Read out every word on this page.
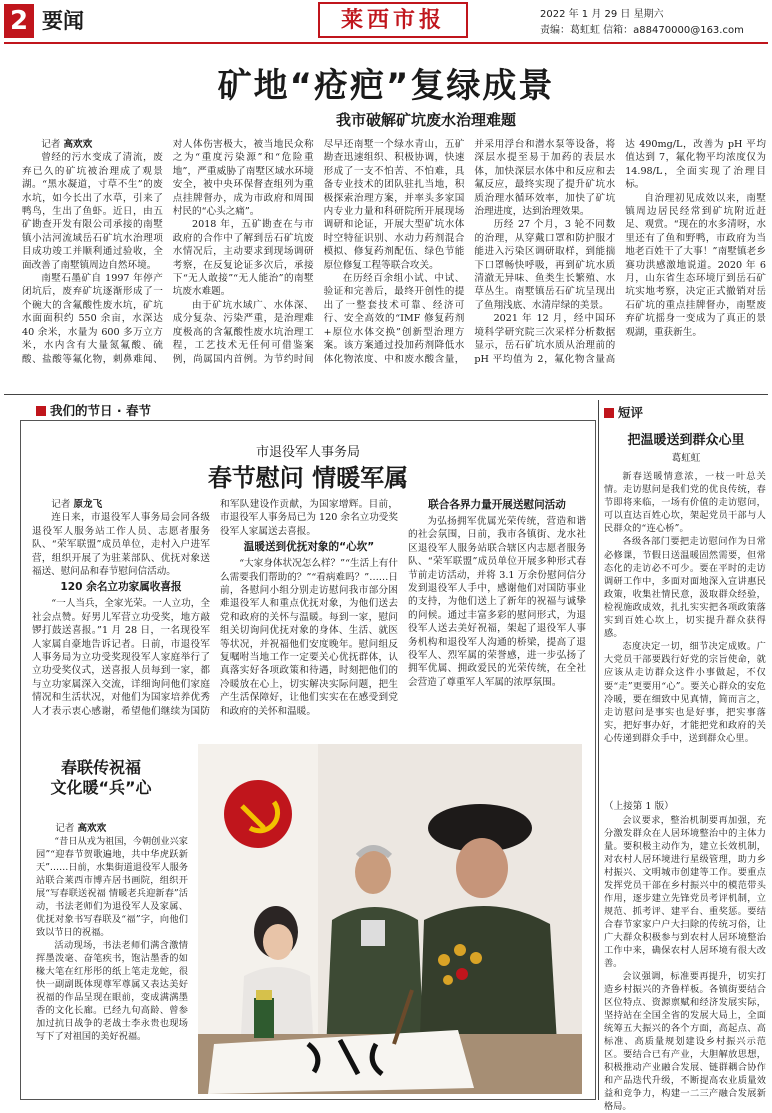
2 要闻	莱西市报	2022 年 1 月 29 日 星期六
责编：葛虹虹 信箱：a88470000@163.com
矿地“疮疤”复绿成景
我市破解矿坑废水治理难题
记者 高欢欢

曾经的污水变成了清流，废弃已久的矿坑被治理成了观景湖。“黑水凝道，寸草不生”的废水坑，如今长出了水草，引来了鸭鸟，生出了鱼虾。近日，由五矿勘查开发有限公司承接的南墅镇小沽河流域岳石矿坑水治理项目成功竣工并顺利通过验收，全面改善了南墅镇周边自然环境。

南墅石墨矿自 1997 年停产闭坑后，废弃矿坑逐渐形成了一个碗大的含氟酸性废水坑，矿坑水面面积约 550 余亩，水深达 40 余米，水量为 600 多万立方米，水内含有大量氮氟酸、硫酸、盐酸等氟化物，刺鼻难闻、对人体伤害极大，被当地民众称之为“重度污染源”和“危险重地”，严重威胁了南墅区域水环境安全，被中央环保督查组列为重点挂牌督办，成为市政府和周围村民的“心头之痛”。

2018 年，五矿勘查在与市政府的合作中了解到岳石矿坑废水情况后，主动要求到现场调研考察，在反复论证多次后，承接下“无人敢接”“无人能治”的南墅坑废水难题。

由于矿坑水域广、水体深、成分复杂、污染严重，是治理难度极高的含氟酸性废水坑治理工程，工艺技术无任何可借鉴案例，尚属国内首例。为节约时间尽早还南墅一个绿水青山，五矿勘查迅速组织、积极协调，快速形成了一支不怕苦、不怕难，具备专业技术的团队驻扎当地，积极探索治理方案，并率头多家国内专业力量和科研院所开展现场调研和论证，开展大型矿坑水体时空特征识别、水动力药剂混合模拟、修复药剂配伍、绿色节能原位修复工程等联合攻关。

在历经百余组小试、中试、验证和完善后，最终开创性的提出了一整套技术可靠、经济可行、安全高效的“IMF 修复药剂+原位水体交换”创新型治理方案。该方案通过投加药剂降低水体化物浓度、中和废水酸含量，并采用浮台和潜水泵等设备，将深层水提至易于加药的表层水体，加快深层水体中和反应和去氟反应，最终实现了提升矿坑水质治理水循环效率，加快了矿坑治理进度，达到治理效果。

历经 27 个月，3 轮不同数的治理，从穿戴口罩和防护服才能进入污染区调研取样，到能揣下口罩畅快呼吸，再到矿坑水质清澈无异味、鱼类生长繁殖、水草丛生。南墅镇岳石矿坑呈现出了鱼翔浅底、水清岸绿的美景。

2021 年 12 月，经中国环境科学研究院三次采样分析数据显示，岳石矿坑水质从治理前的 pH 平均值为 2，氟化物含量高达 490mg/L，改善为 pH 平均值达到 7，氟化物平均浓度仅为 14.98/L，全面实现了治理目标。

自治理初见成效以来，南墅镇周边居民经常到矿坑附近赶足、观赏。“现在的水多清呀，水里还有了鱼和野鸭，市政府为当地老百姓干了大事！”南墅镇老乡赛功洪感激地说道。2020 年 6 月，山东省生态环境厅到岳石矿坑实地考察，决定正式撤销对岳石矿坑的重点挂牌督办，南墅废弃矿坑摇身一变成为了真正的景观湖，重获新生。

我们的节日 · 春节
市退役军人事务局
春节慰问 情暖军属
记者 原龙飞

连日来，市退役军人事务局会同各级退役军人服务站工作人员、志愿者服务队、“荣军联盟”成员单位，走村入户进军营，组织开展了为驻莱部队、优抚对象送福送、慰问品和春节慰问信活动。

120 余名立功家属收喜报

“一人当兵，全家光荣。一人立功，全社会点赞。好男儿军营立功受奖，地方敲锣打鼓送喜报。”1 月 28 日，一名现役军人家属自豪地告诉记者。日前，市退役军人事务局为立功受奖现役军人家庭举行了立功受奖仪式，送喜报人员每到一家，都与立功家属深入交流，详细询问他们家庭情况和生活状况，对他们为国家培养优秀人才表示衷心感谢，希望他们继续为国防和军队建设作贡献，为国家增辉。目前，市退役军人事务局已为 120 余名立功受奖役军人家属送去喜报。

温暖送到优抚对象的“心坎”

“大家身体状况怎么样？”“生活上有什么需要我们帮助的？”“看病难吗？”……日前，各慰问小组分别走访慰问我市部分困难退役军人和重点优抚对象，为他们送去党和政府的关怀与温暖。每到一家，慰问组关切询问优抚对象的身体、生活、就医等状况，并祝福他们安度晚年。慰问组反复嘱咐当地工作一定要关心优抚群体，认真落实好各项政策和待遇，时刻把他们的冷暖放在心上，切实解决实际问题，把生产生活保障好，让他们实实在在感受到党和政府的关怀和温暖。

联合各界力量开展送慰问活动

为弘扬拥军优属光荣传统，营造和谐的社会氛围，日前，我市各镇街、龙水社区退役军人服务站联合辖区内志愿者服务队、“荣军联盟”成员单位开展多种形式春节前走访活动，并将 3.1 万余份慰问信分发到退役军人手中，感谢他们对国防事业的支持，为他们送上了新年的祝福与诚挚的问候。通过丰富多彩的慰问形式，为退役军人送去美好祝福，架起了退役军人事务机构和退役军人沟通的桥梁，提高了退役军人、烈军属的荣誉感，进一步弘扬了拥军优属、拥政爱民的光荣传统，在全社会营造了尊重军人军属的浓厚氛围。

春联传祝福
文化暖“兵”心
记者 高欢欢

“昔日从戎为祖国，今朝创业兴家园”“迎春节贺歌遍地，共中华虎跃新天”……日前，水集街道退役军人服务站联合莱西市博卉居书画院，组织开展“写春联送祝福 情暖老兵迎新春”活动，书法老师们为退役军人及家属、优抚对象书写春联及“福”字，向他们致以节日的祝福。

活动现场，书法老师们满含激情挥墨泼毫、奋笔疾书，饱沾墨香的如椽大笔在红彤彤的纸上笔走龙蛇，很快一副副既体现尊军尊属又表达美好祝福的作品呈现在眼前，变成满满墨香的文化长廊。已经九旬高龄、曾参加过抗日战争的老战士李永贵也现场写下了对祖国的美好祝福。

短评
把温暖送到群众心里
葛虹虹

新春送暖情意浓，一枝一叶总关情。走访慰问是我们党的优良传统，春节即将来临，一场有价值的走访慰问，可以直达百姓心坎，架起党员干部与人民群众的“连心桥”。

各级各部门要把走访慰问作为日常必修课，节假日送温暖固然需要，但常态化的走访必不可少。要在平时的走访调研工作中，多面对面地深入宣讲惠民政策，收集社情民意，汲取群众经验，检视施政成效，扎扎实实把各项政策落实到百姓心坎上，切实提升群众获得感。

态度决定一切，细节决定成败。广大党员干部要践行好党的宗旨使命，就应该从走访群众这件小事做起，不仅要“走”更要用“心”。要关心群众的安危冷暖，要在细致中见真情，简而言之，走访慰问是事实也是好事，把实事落实，把好事办好，才能把党和政府的关心传递到群众手中，送到群众心里。

（上接第 1 版）

会议要求，整治机制要再加强，充分激发群众在人居环境整治中的主体力量。要积极主动作为，建立长效机制，对农村人居环境进行星级管理，助力乡村振兴、文明城市创建等工作。要重点发挥党员干部在乡村振兴中的模范带头作用，逐步建立先锋党员考评机制，立规范、抓考评、建平台、重奖惩。要结合春节家家户户大扫除的传统习俗，让广大群众积极参与到农村人居环境整治工作中来，确保农村人居环境有很大改善。

会议强调，标准要再提升，切实打造乡村振兴的齐鲁样板。各镇街要结合区位特点、资源禀赋和经济发展实际，坚持站在全国全省的发展大局上，全面统筹五大振兴的各个方面，高起点、高标准、高质量规划建设乡村振兴示范区。要结合已有产业，大胆解放思想，积极推动产业融合发展、链群耦合协作和产品迭代升级，不断提高农业质量效益和竞争力，构建一二三产融合发展新格局。
